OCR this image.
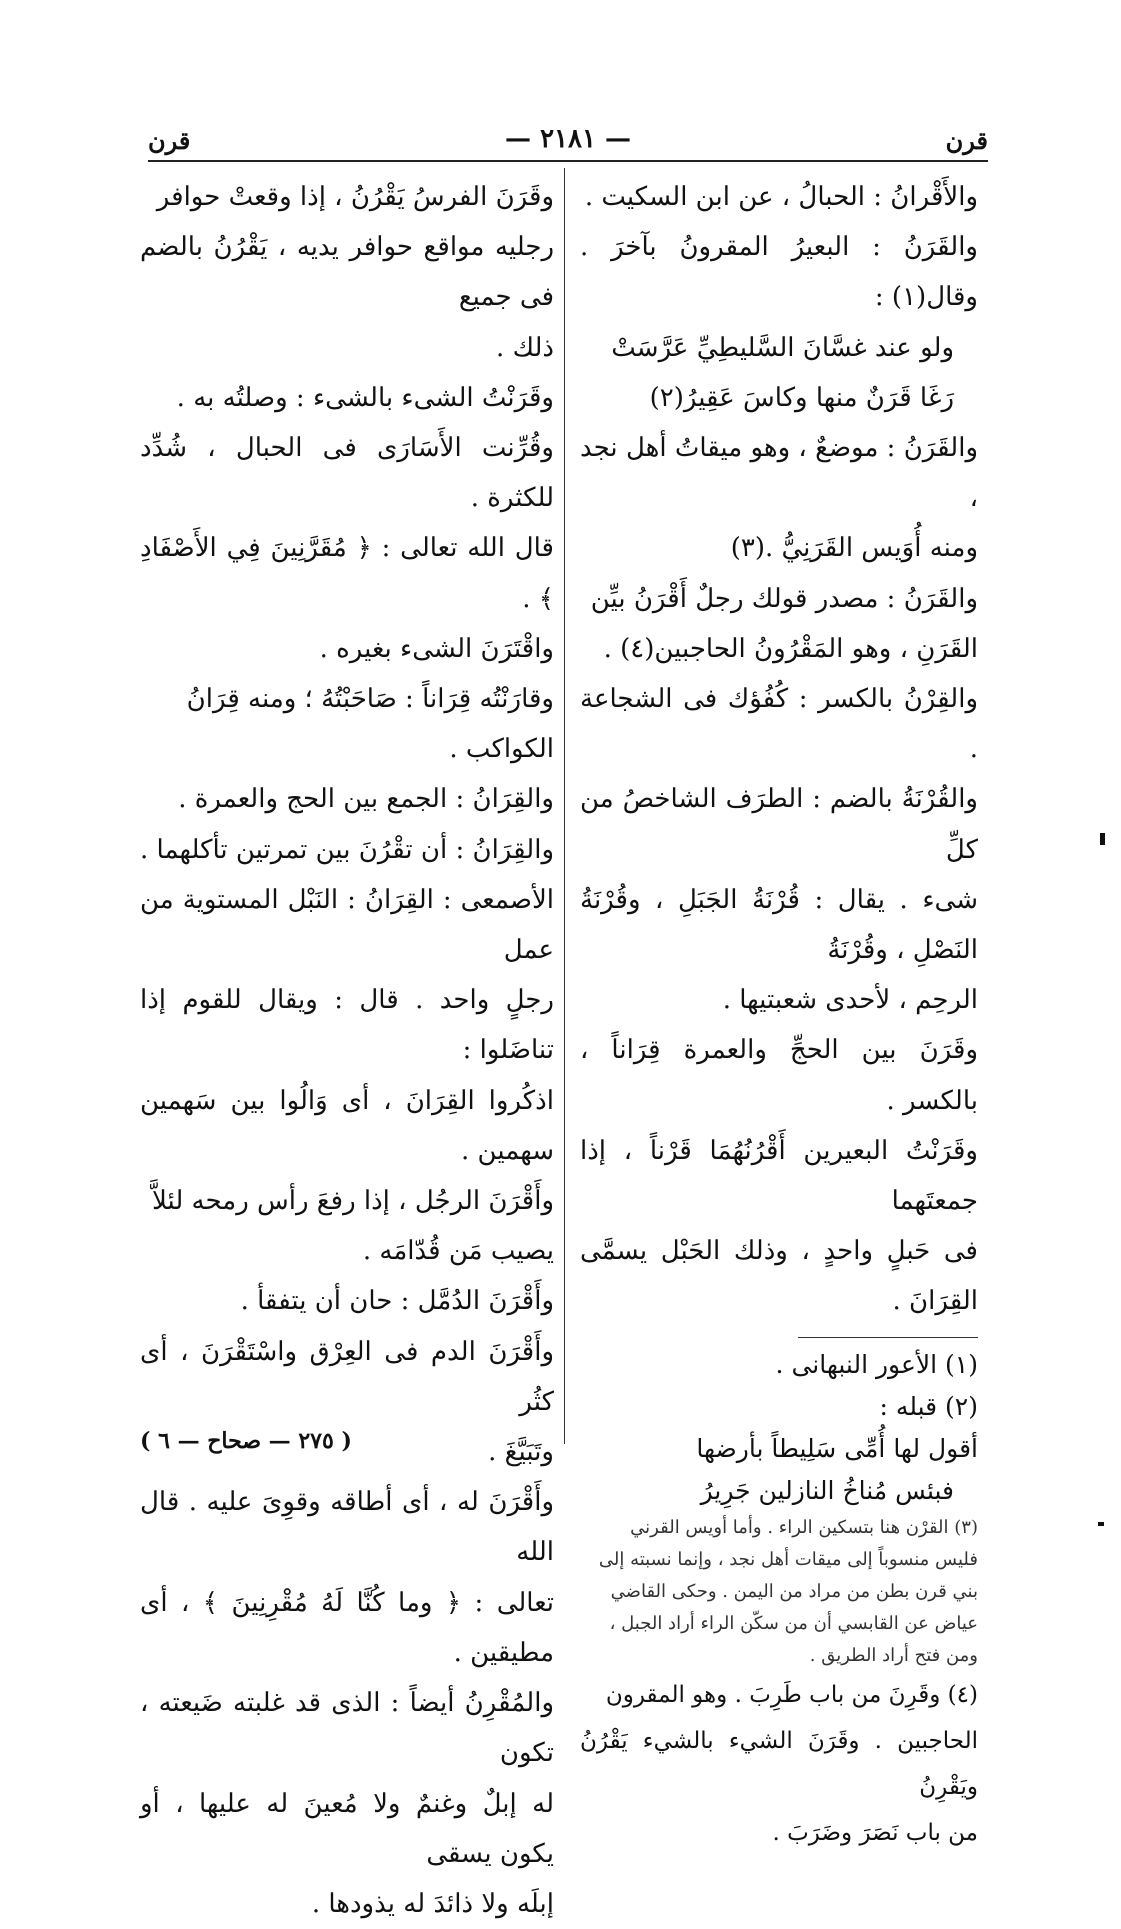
قرن
— ٢١٨١ —
قرن

والأَقْرانُ : الحبالُ ، عن ابن السكيت .

والقَرَنُ : البعيرُ المقرونُ بآخرَ . وقال(١) :

ولو عند غسَّانَ السَّليطِيِّ عَرَّسَتْ

رَغَا قَرَنٌ منها وكاسَ عَقِيرُ(٢)

والقَرَنُ : موضعٌ ، وهو ميقاتُ أهل نجد ،

ومنه أُوَيس القَرَنِيُّ .(٣)

والقَرَنُ : مصدر قولك رجلٌ أَقْرَنُ بيِّن

القَرَنِ ، وهو المَقْرُونُ الحاجبين(٤) .

والقِرْنُ بالكسر : كُفُؤك فى الشجاعة .

والقُرْنَةُ بالضم : الطرَف الشاخصُ من كلِّ

شىء . يقال : قُرْنَةُ الجَبَلِ ، وقُرْنَةُ النَصْلِ ، وقُرْنَةُ

الرحِم ، لأحدى شعبتيها .

وقَرَنَ بين الحجِّ والعمرة قِرَاناً ، بالكسر .

وقَرَنْتُ البعيرين أَقْرُنُهُمَا قَرْناً ، إذا جمعتَهما

فى حَبلٍ واحدٍ ، وذلك الحَبْل يسمَّى القِرَانَ .

(١) الأعور النبهانى .

(٢) قبله :

أقول لها أُمِّى سَلِيطاً بأرضها

فبئس مُناخُ النازلين جَرِيرُ

(٣) القرْن هنا بتسكين الراء . وأما أويس القرني

فليس منسوباً إلى ميقات أهل نجد ، وإنما نسبته إلى

بني قرن بطن من مراد من اليمن . وحكى القاضي

عياض عن القابسي أن من سكّن الراء أراد الجبل ،

ومن فتح أراد الطريق .

(٤) وقَرِنَ من باب طَرِبَ . وهو المقرون

الحاجبين . وقَرَنَ الشيء بالشيء يَقْرُنُ ويَقْرِنُ

من باب نَصَرَ وضَرَبَ .

وقَرَنَ الفرسُ يَقْرُنُ ، إذا وقعتْ حوافر

رجليه مواقع حوافر يديه ، يَقْرُنُ بالضم فى جميع

ذلك .

وقَرَنْتُ الشىء بالشىء : وصلتُه به .

وقُرِّنت الأَسَارَى فى الحبال ، شُدِّد للكثرة .

قال الله تعالى : ﴿ مُقَرَّنِينَ فِي الأَصْفَادِ ﴾ .

واقْتَرَنَ الشىء بغيره .

وقارَنْتُه قِرَاناً : صَاحَبْتُهُ ؛ ومنه قِرَانُ

الكواكب .

والقِرَانُ : الجمع بين الحج والعمرة .

والقِرَانُ : أن تقْرُنَ بين تمرتين تأكلهما .

الأصمعى : القِرَانُ : النَبْل المستوية من عمل

رجلٍ واحد . قال : ويقال للقوم إذا تناضَلوا :

اذكُروا القِرَانَ ، أى وَالُوا بين سَهمين سهمين .

وأَقْرَنَ الرجُل ، إذا رفعَ رأس رمحه لئلاَّ

يصيب مَن قُدّامَه .

وأَقْرَنَ الدُمَّل : حان أن يتفقأ .

وأَقْرَنَ الدم فى العِرْق واسْتَقْرَنَ ، أى كثُر

وتَبَيَّغَ .

وأَقْرَنَ له ، أى أطاقه وقوِىَ عليه . قال الله

تعالى : ﴿ وما كُنَّا لَهُ مُقْرِنِينَ ﴾ ، أى مطيقين .

والمُقْرِنُ أيضاً : الذى قد غلبته ضَيعته ، تكون

له إبلٌ وغنمٌ ولا مُعينَ له عليها ، أو يكون يسقى

إبلَه ولا ذائدَ له يذودها .

( ٢٧٥ — صحاح — ٦ )
